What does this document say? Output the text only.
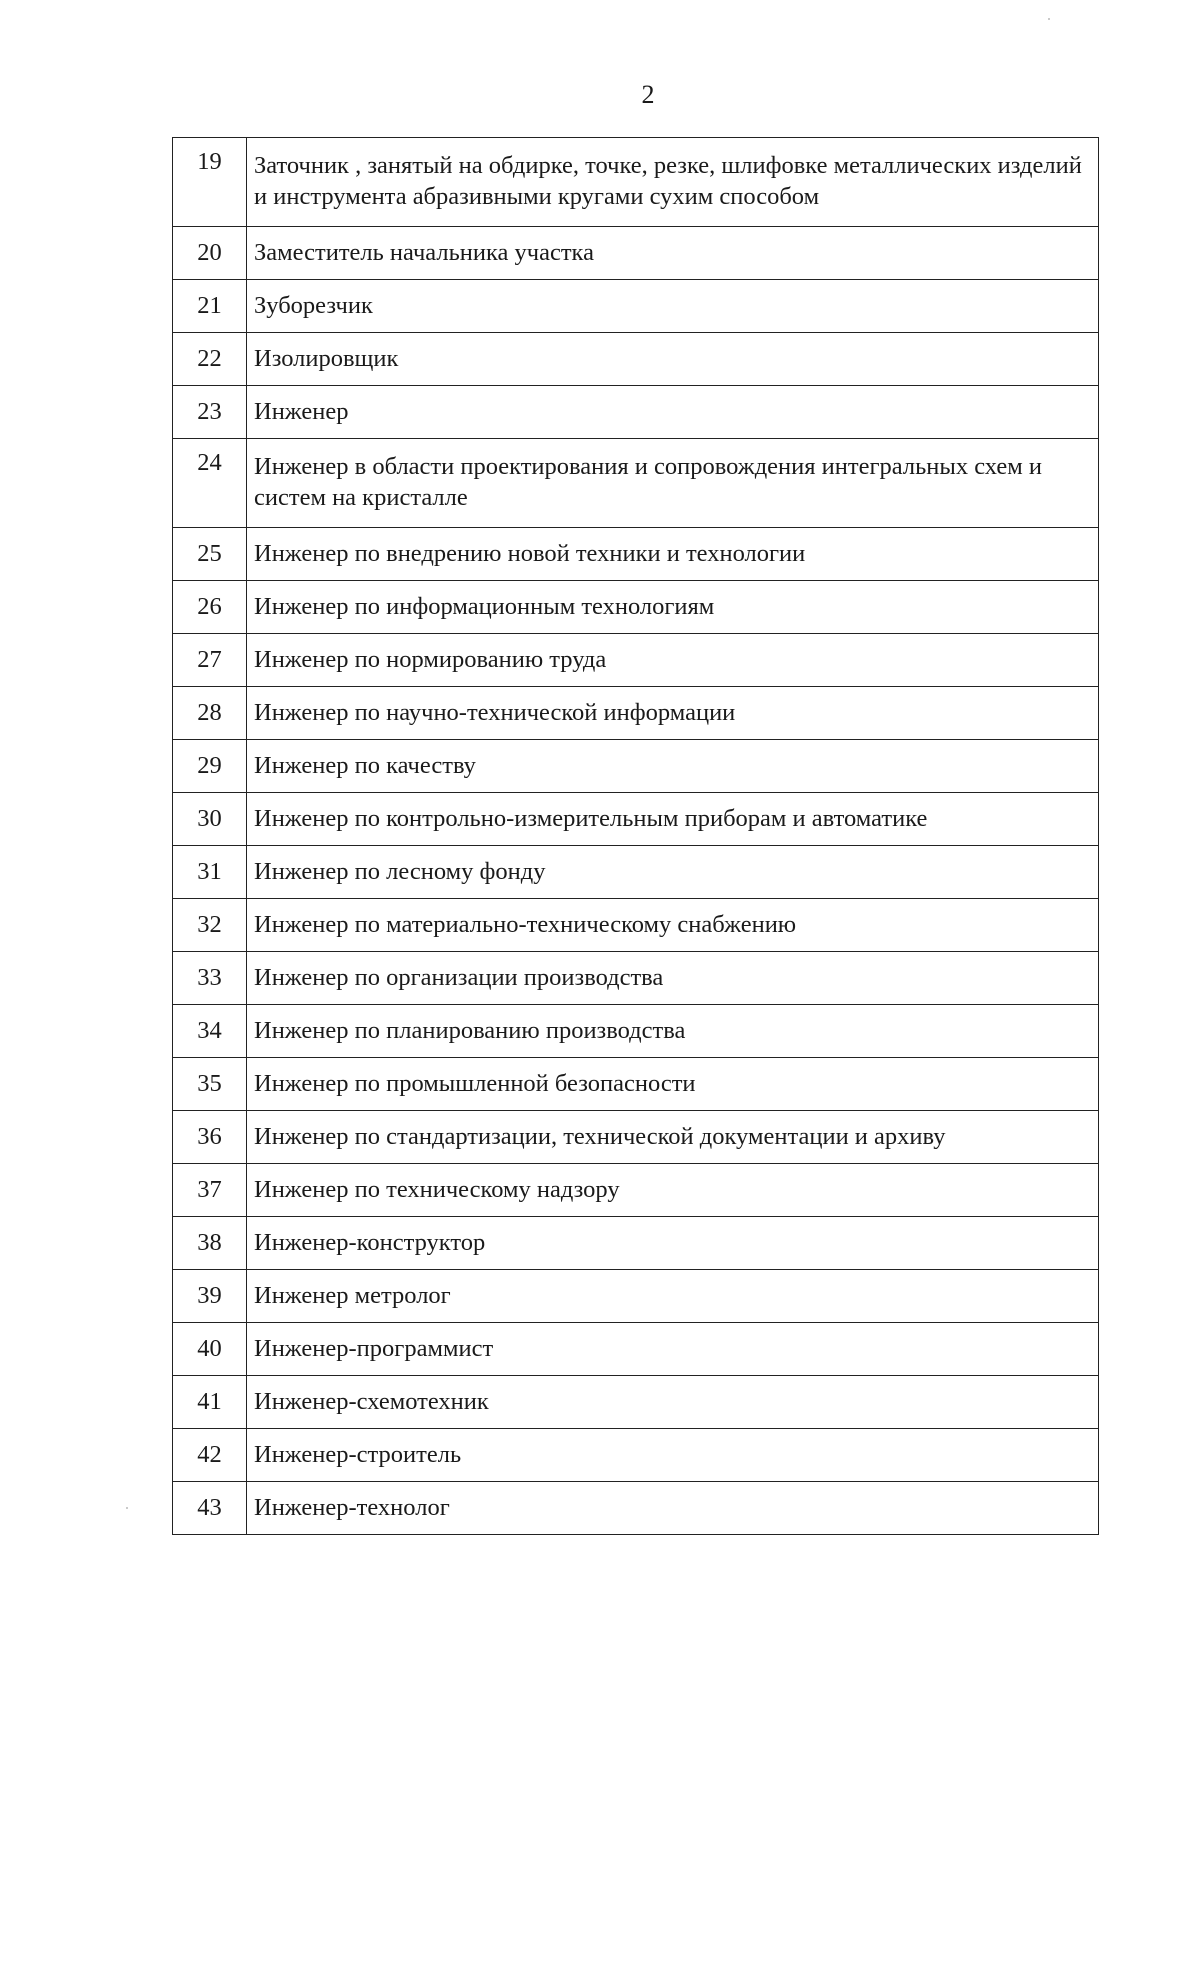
2
19	Заточник , занятый на обдирке, точке, резке, шлифовке металлических изделий и инструмента абразивными кругами сухим способом
20	Заместитель начальника участка
21	Зуборезчик
22	Изолировщик
23	Инженер
24	Инженер в области проектирования и сопровождения интегральных схем и систем на кристалле
25	Инженер по внедрению новой техники и технологии
26	Инженер по информационным технологиям
27	Инженер по нормированию труда
28	Инженер по научно-технической информации
29	Инженер по качеству
30	Инженер по контрольно-измерительным приборам и автоматике
31	Инженер по лесному фонду
32	Инженер по материально-техническому снабжению
33	Инженер по организации производства
34	Инженер по планированию производства
35	Инженер по промышленной безопасности
36	Инженер по стандартизации, технической документации и архиву
37	Инженер по техническому надзору
38	Инженер-конструктор
39	Инженер метролог
40	Инженер-программист
41	Инженер-схемотехник
42	Инженер-строитель
43	Инженер-технолог
